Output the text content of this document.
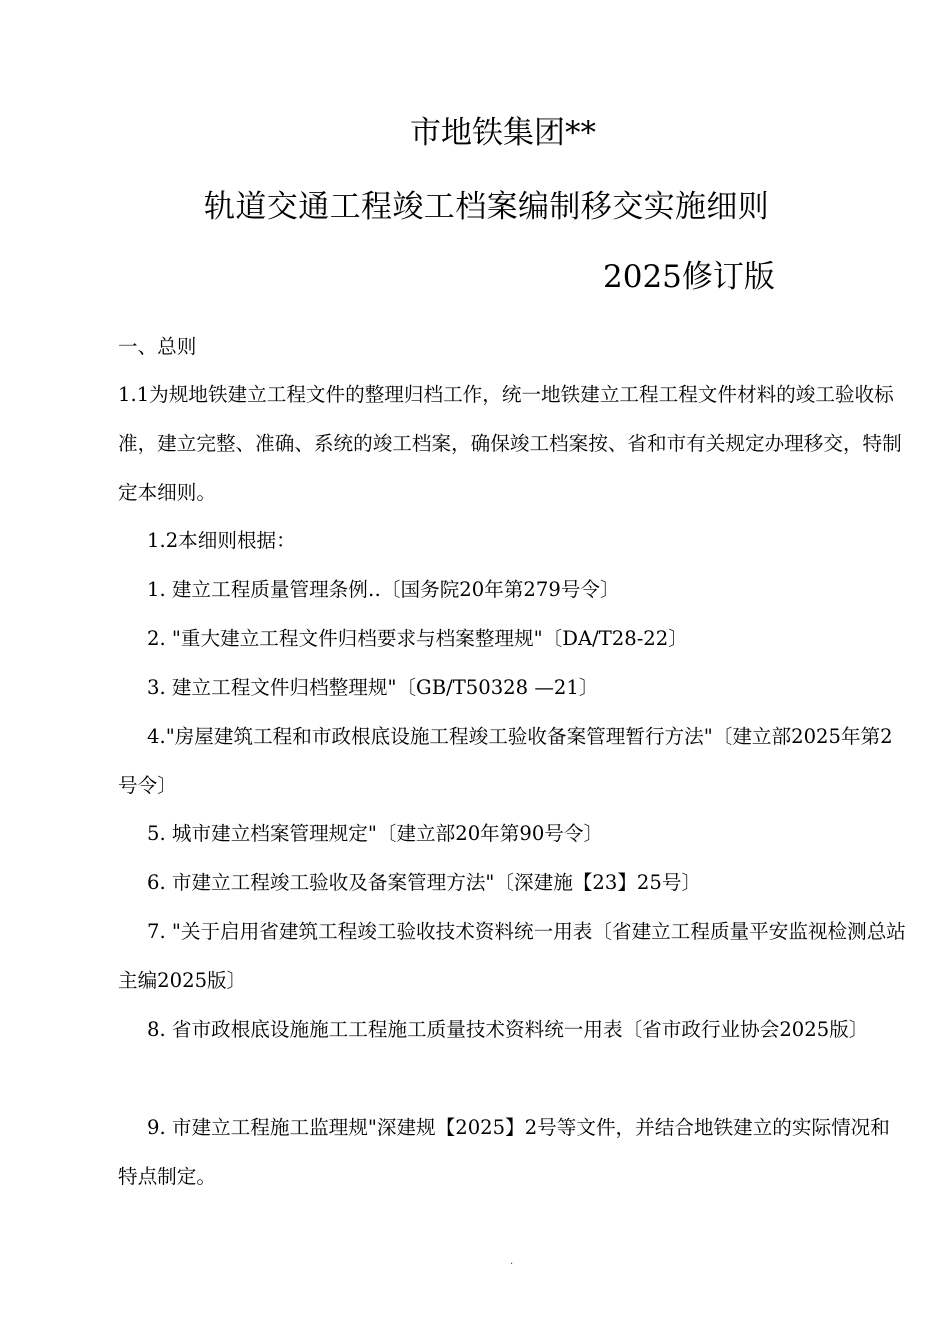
市地铁集团**
轨道交通工程竣工档案编制移交实施细则
2025修订版
一、总则
1.1为规地铁建立工程文件的整理归档工作，统一地铁建立工程工程文件材料的竣工验收标准，建立完整、准确、系统的竣工档案，确保竣工档案按、省和市有关规定办理移交，特制定本细则。
1.2本细则根据：
1. 建立工程质量管理条例‥〔国务院20年第279号令〕
2. "重大建立工程文件归档要求与档案整理规"〔DA/T28-22〕
3. 建立工程文件归档整理规"〔GB/T50328 —21〕
4."房屋建筑工程和市政根底设施工程竣工验收备案管理暂行方法"〔建立部2025年第2号令〕
5. 城市建立档案管理规定"〔建立部20年第90号令〕
6. 市建立工程竣工验收及备案管理方法"〔深建施【23】25号〕
7. "关于启用省建筑工程竣工验收技术资料统一用表〔省建立工程质量平安监视检测总站 主编2025版〕
8. 省市政根底设施施工工程施工质量技术资料统一用表〔省市政行业协会2025版〕
9. 市建立工程施工监理规"深建规【2025】2号等文件，并结合地铁建立的实际情况和特点制定。
.
